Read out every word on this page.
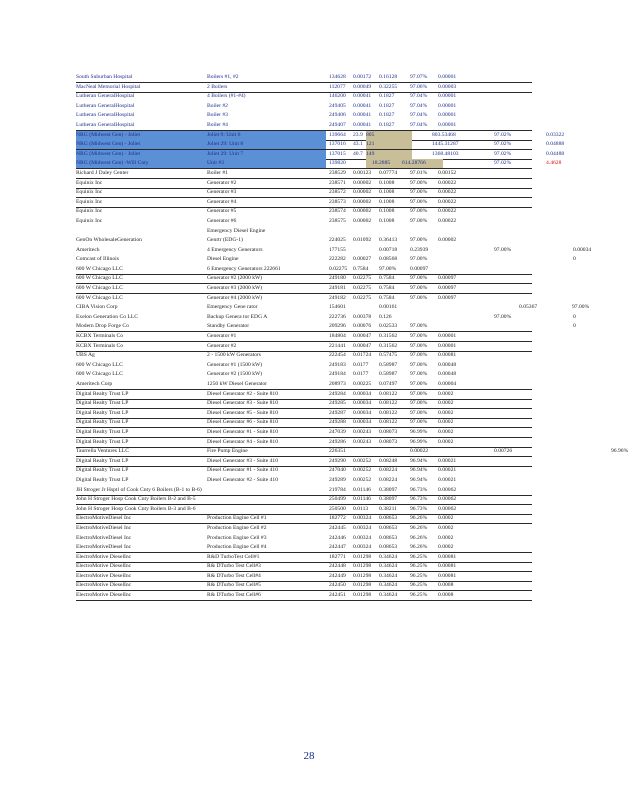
South Suburban Hospital	Boilers #1, #2	134628 0.00172 0.16128 97.07% 0.00001
MacNeal Memorial Hospital	2 Boilers	112077 0.00049 0.32255 97.06% 0.00003
Lutheran GeneralHospital	4 Boilers (#1-#4)	146200 0.00041 0.1827	97.04% 0.00001
Lutheran GeneralHospital	Boiler #2	249405 0.00041 0.1827	97.04% 0.00001
Lutheran GeneralHospital	Boiler #3	249406 0.00041 0.1827	97.04% 0.00001
Lutheran GeneralHospital	Boiler #4	249407 0.00041 0.1827	97.04% 0.00001
NRG (Midwest Gen) - Joliet	Joliet 9: Unit 6	139664 23.9 805	803.53468	97.02%	0.03322
NRG (Midwest Gen) - Joliet	Joliet 29: Unit 8	137016 43.1 121	1445.31287	97.02%	0.04888
NRG (Midwest Gen) - Joliet	Joliet 29: Unit 7	137015 40.7 149	1368.48103	97.02%	0.04488
NRG (Midwest Gen) -Will Cnty	Unit #3	139820	18.2885 614.28766	97.02%	4.4628
Richard J Daley Center	Boiler #1	238529 0.00123 0.07774 97.01% 0.00152
Equinix Inc	Generator #2	238571 0.00002 0.1008	97.00% 0.00022
Equinix Inc	Generator #3	238572 0.00002 0.1008	97.00% 0.00022
Equinix Inc	Generator #4	238573 0.00002 0.1008	97.00% 0.00022
Equinix Inc	Generator #5	238574 0.00002 0.1008	97.00% 0.00022
Equinix Inc	Generator #6	238575 0.00002 0.1008	97.00% 0.00022
Emergency Diesel Engine
GenOn WholesaleGeneration	Genrtr (EDG-1)	224025 0.01092 0.36413 97.00% 0.00002
Ameritech	4 Emergency Generators	177155	0.00718 0.23939	97.00%	0.00034
Comcast of Illinois	Diesel Engine	222282 0.00027 0.08568 97.00%	0
600 W Chicago LLC	6 Emergency Generators 222661	0.02275 0.7584 97.00% 0.00097
600 W Chicago LLC	Generator #2 (2000 kW)	249180 0.02275 0.7584	97.00% 0.00097
600 W Chicago LLC	Generator #3 (2000 kW)	249181 0.02275 0.7584	97.00% 0.00097
600 W Chicago LLC	Generator #4 (2000 kW)	249182 0.02275 0.7584	97.00% 0.00097
CIBA Vision Corp	Emergency Gene rator	154601	0.00161	0.05367	97.00%
Exelon Generation Co LLC	Backup Genera tor EDG A	222736 0.00378 0.126	97.00%	0
Modern Drop Forge Co	Standby Generator	209296 0.00076 0.02533 97.00%	0
KCBX Terminals Co	Generator #1	184804 0.00047 0.31562 97.00% 0.00001
KCBX Terminals Co	Generator #2	221441 0.00047 0.31562 97.00% 0.00001
UBS Ag	2 - 1500 kW Generators	222454 0.01724 0.57475 97.00% 0.00081
600 W Chicago LLC	Generator #1 (1500 kW)	249183 0.0177 0.58987 97.00% 0.00048
600 W Chicago LLC	Generator #2 (1500 kW)	249184 0.0177 0.58987 97.00% 0.00048
Ameritech Corp	1250 kW Diesel Generator	208973 0.00225 0.07497 97.00% 0.00004
Digital Realty Trust LP	Diesel Generator #2 - Suite 810	249284 0.00034 0.08122 97.00% 0.0002
Digital Realty Trust LP	Diesel Generator #3 - Suite 810	249285 0.00034 0.08122 97.00% 0.0002
Digital Realty Trust LP	Diesel Generator #5 - Suite 810	249287 0.00034 0.08122 97.00% 0.0002
Digital Realty Trust LP	Diesel Generator #6 - Suite 810	249288 0.00034 0.08122 97.00% 0.0002
Digital Realty Trust LP	Diesel Generator #1 - Suite 810	247039 0.00243 0.08073 96.99% 0.0002
Digital Realty Trust LP	Diesel Generator #4 - Suite 810	249286 0.00243 0.08073 96.99% 0.0002
Taurrella Ventures LLC	Fire Pump Engine	226351	0.00022	0.00726	96.96%
Digital Realty Trust LP	Diesel Generator #3 - Suite 410	249290 0.00252 0.08248 96.94% 0.00021
Digital Realty Trust LP	Diesel Generator #1 - Suite 410	247040 0.00252 0.08224 96.94% 0.00021
Digital Realty Trust LP	Diesel Generator #2 - Suite 410	249289 0.00252 0.08224 96.94% 0.00021
JH Stroger Jr Hsptl of Cook Cnty 6 Boilers (B-1 to B-6)	219784 0.01146 0.38097 96.73% 0.00062
John H Stroger Hosp Cook Cnty Boilers B-2 and B-5	250499 0.01146 0.38097 96.73% 0.00062
John H Stroger Hosp Cook Cnty Boilers B-3 and B-6	250500 0.0113 0.38211 96.73% 0.00062
ElectroMotiveDiesel Inc	Production Engine Cell #1	182772 0.00324 0.08653 96.26% 0.0002
ElectroMotiveDiesel Inc	Production Engine Cell #2	242445 0.00324 0.08653 96.26% 0.0002
ElectroMotiveDiesel Inc	Production Engine Cell #3	242446 0.00324 0.08653 96.26% 0.0002
ElectroMotiveDiesel Inc	Production Engine Cell #4	242447 0.00324 0.08653 96.26% 0.0002
ElectroMotive DieselInc	R&D TurboTest Cell#1	182771 0.01298 0.34624 96.25% 0.00081
ElectroMotive DieselInc	R& DTurbo Test Cell#3	242448 0.01298 0.34624 96.25% 0.00081
ElectroMotive DieselInc	R& DTurbo Test Cell#4	242449 0.01298 0.34624 96.25% 0.00081
ElectroMotive DieselInc	R& DTurbo Test Cell#5	242450 0.01298 0.34624 96.25% 0.0008
ElectroMotive DieselInc	R& DTurbo Test Cell#6	242451 0.01298 0.34624 96.25% 0.0008
28
